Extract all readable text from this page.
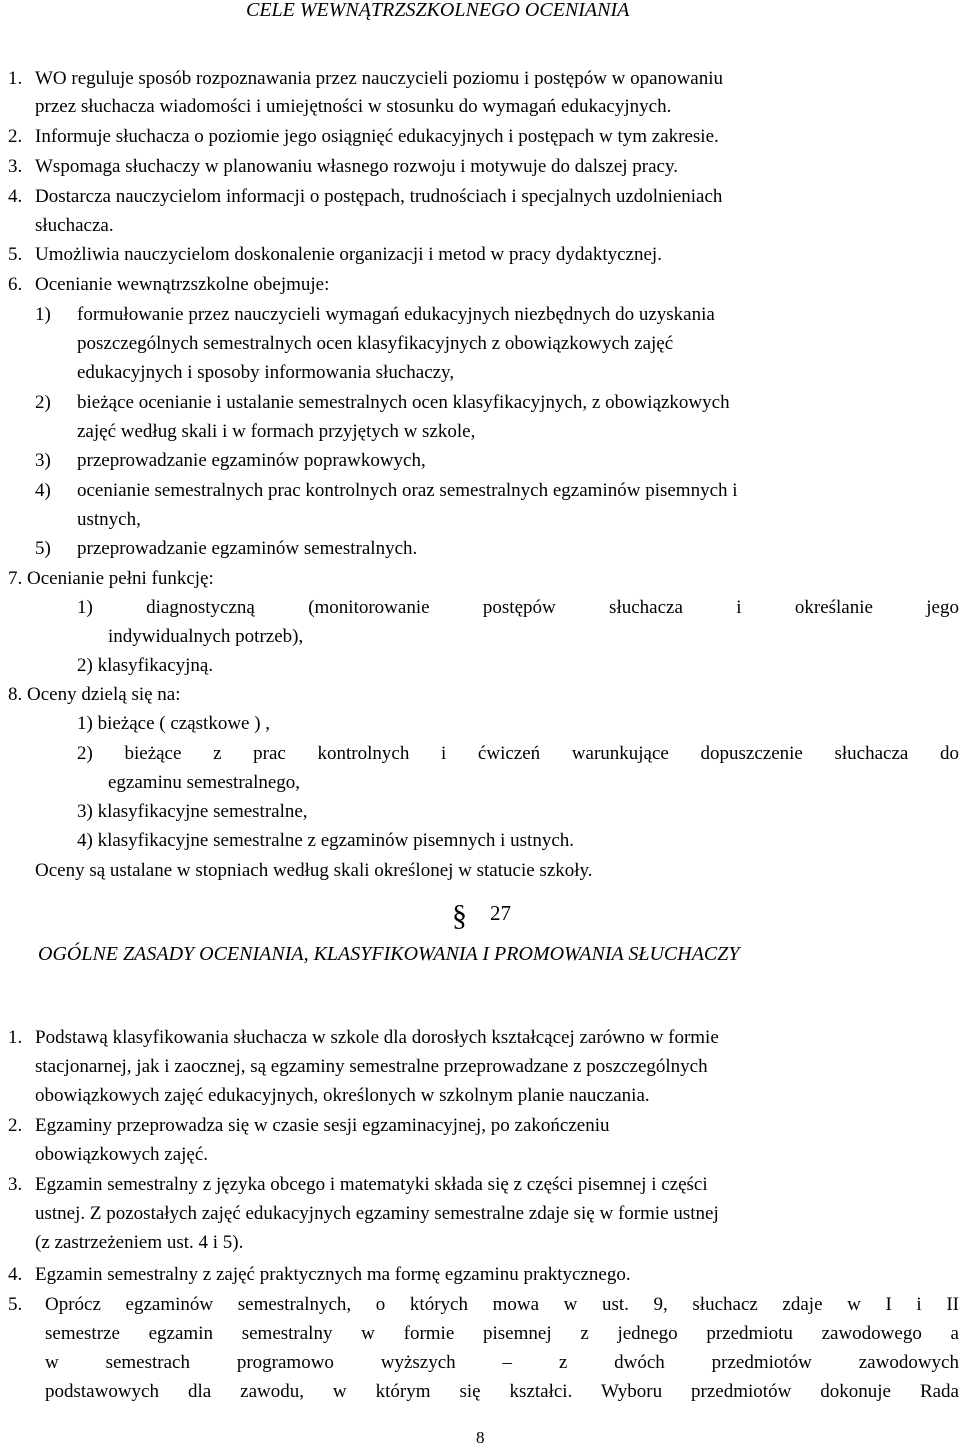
CELE WEWNĄTRZSZKOLNEGO OCENIANIA
1. WO reguluje sposób rozpoznawania przez nauczycieli poziomu i postępów w opanowaniu
przez słuchacza wiadomości i umiejętności w stosunku do wymagań edukacyjnych.
2. Informuje słuchacza o poziomie jego osiągnięć edukacyjnych i postępach w tym zakresie.
3. Wspomaga słuchaczy w planowaniu własnego rozwoju i motywuje do dalszej pracy.
4. Dostarcza nauczycielom informacji o postępach, trudnościach i specjalnych uzdolnieniach
słuchacza.
5. Umożliwia nauczycielom doskonalenie organizacji i metod w pracy dydaktycznej.
6. Ocenianie wewnątrzszkolne obejmuje:
1) formułowanie przez nauczycieli wymagań edukacyjnych niezbędnych do uzyskania
poszczególnych semestralnych ocen klasyfikacyjnych z obowiązkowych zajęć
edukacyjnych i sposoby informowania słuchaczy,
2) bieżące ocenianie i ustalanie semestralnych ocen klasyfikacyjnych, z obowiązkowych
zajęć według skali i w formach przyjętych w szkole,
3) przeprowadzanie egzaminów poprawkowych,
4) ocenianie semestralnych prac kontrolnych oraz semestralnych egzaminów pisemnych i
ustnych,
5) przeprowadzanie egzaminów semestralnych.
7. Ocenianie pełni funkcję:
1) diagnostyczną (monitorowanie postępów słuchacza i określanie jego
indywidualnych potrzeb),
2) klasyfikacyjną.
8. Oceny dzielą się na:
1) bieżące ( cząstkowe ) ,
2) bieżące z prac kontrolnych i ćwiczeń warunkujące dopuszczenie słuchacza do
egzaminu semestralnego,
3) klasyfikacyjne semestralne,
4) klasyfikacyjne semestralne z egzaminów pisemnych i ustnych.
Oceny są ustalane w stopniach według skali określonej w statucie szkoły.
§ 27
OGÓLNE ZASADY OCENIANIA, KLASYFIKOWANIA I PROMOWANIA SŁUCHACZY
1. Podstawą klasyfikowania słuchacza w szkole dla dorosłych kształcącej zarówno w formie
stacjonarnej, jak i zaocznej, są egzaminy semestralne przeprowadzane z poszczególnych
obowiązkowych zajęć edukacyjnych, określonych w szkolnym planie nauczania.
2. Egzaminy przeprowadza się w czasie sesji egzaminacyjnej, po zakończeniu
obowiązkowych zajęć.
3. Egzamin semestralny z języka obcego i matematyki składa się z części pisemnej i części
ustnej. Z pozostałych zajęć edukacyjnych egzaminy semestralne zdaje się w formie ustnej
(z zastrzeżeniem ust. 4 i 5).
4. Egzamin semestralny z zajęć praktycznych ma formę egzaminu praktycznego.
5. Oprócz egzaminów semestralnych, o których mowa w ust. 9, słuchacz zdaje w I i II
semestrze egzamin semestralny w formie pisemnej z jednego przedmiotu zawodowego a
w semestrach programowo wyższych – z dwóch przedmiotów zawodowych
podstawowych dla zawodu, w którym się kształci. Wyboru przedmiotów dokonuje Rada
8
